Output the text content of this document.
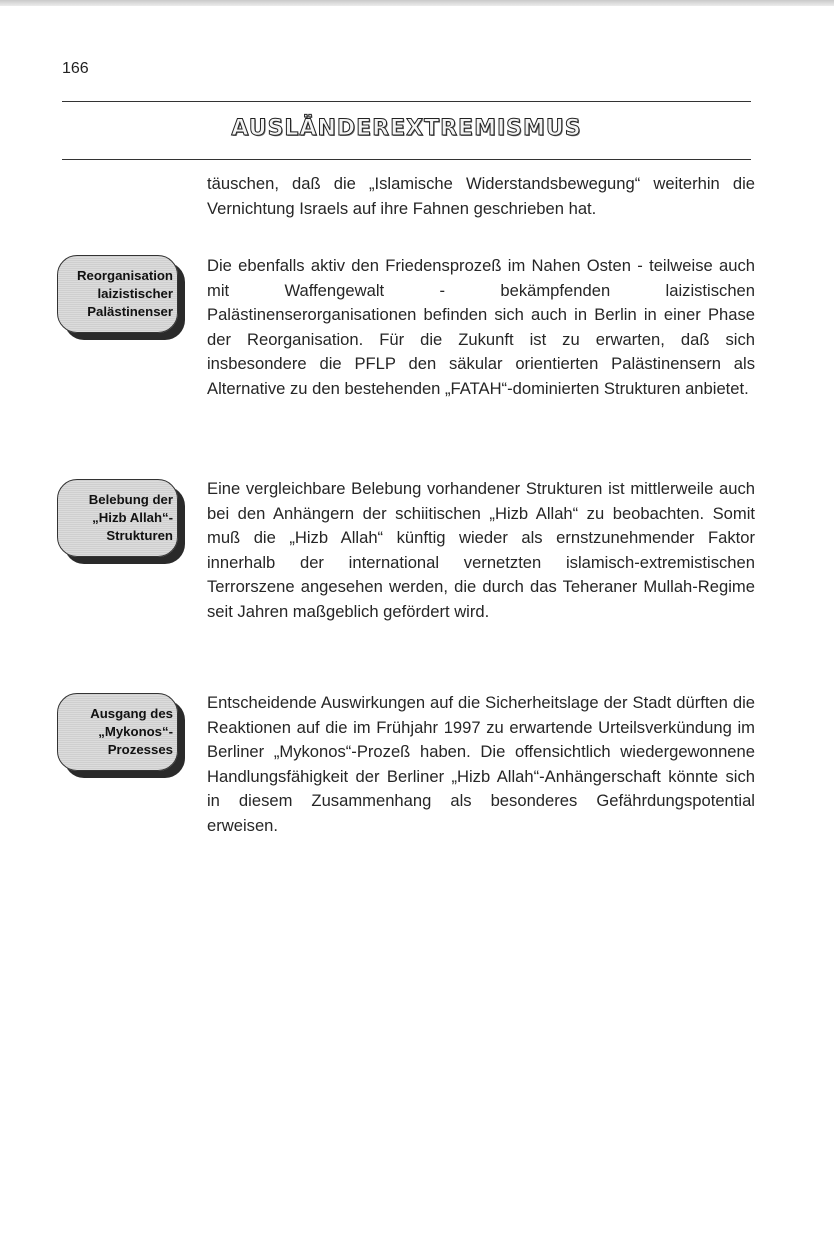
166
AUSLÄNDEREXTREMISMUS

täuschen, daß die „Islamische Widerstandsbewegung“ weiterhin die Vernichtung Israels auf ihre Fahnen geschrieben hat.

Reorganisation
laizistischer
Palästinenser

Die ebenfalls aktiv den Friedensprozeß im Nahen Osten - teilweise auch mit Waffengewalt - bekämpfenden laizistischen Palästinenserorganisationen befinden sich auch in Berlin in einer Phase der Reorganisation. Für die Zukunft ist zu erwarten, daß sich insbesondere die PFLP den säkular orientierten Palästinensern als Alternative zu den bestehenden „FATAH“-dominierten Strukturen anbietet.

Belebung der
„Hizb Allah“-
Strukturen

Eine vergleichbare Belebung vorhandener Strukturen ist mittlerweile auch bei den Anhängern der schiitischen „Hizb Allah“ zu beobachten. Somit muß die „Hizb Allah“ künftig wieder als ernstzunehmender Faktor innerhalb der international vernetzten islamisch-extremistischen Terrorszene angesehen werden, die durch das Teheraner Mullah-Regime seit Jahren maßgeblich gefördert wird.

Ausgang des
„Mykonos“-
Prozesses

Entscheidende Auswirkungen auf die Sicherheitslage der Stadt dürften die Reaktionen auf die im Frühjahr 1997 zu erwartende Urteilsverkündung im Berliner „Mykonos“-Prozeß haben. Die offensichtlich wiedergewonnene Handlungsfähigkeit der Berliner „Hizb Allah“-Anhängerschaft könnte sich in diesem Zusammenhang als besonderes Gefährdungspotential erweisen.
